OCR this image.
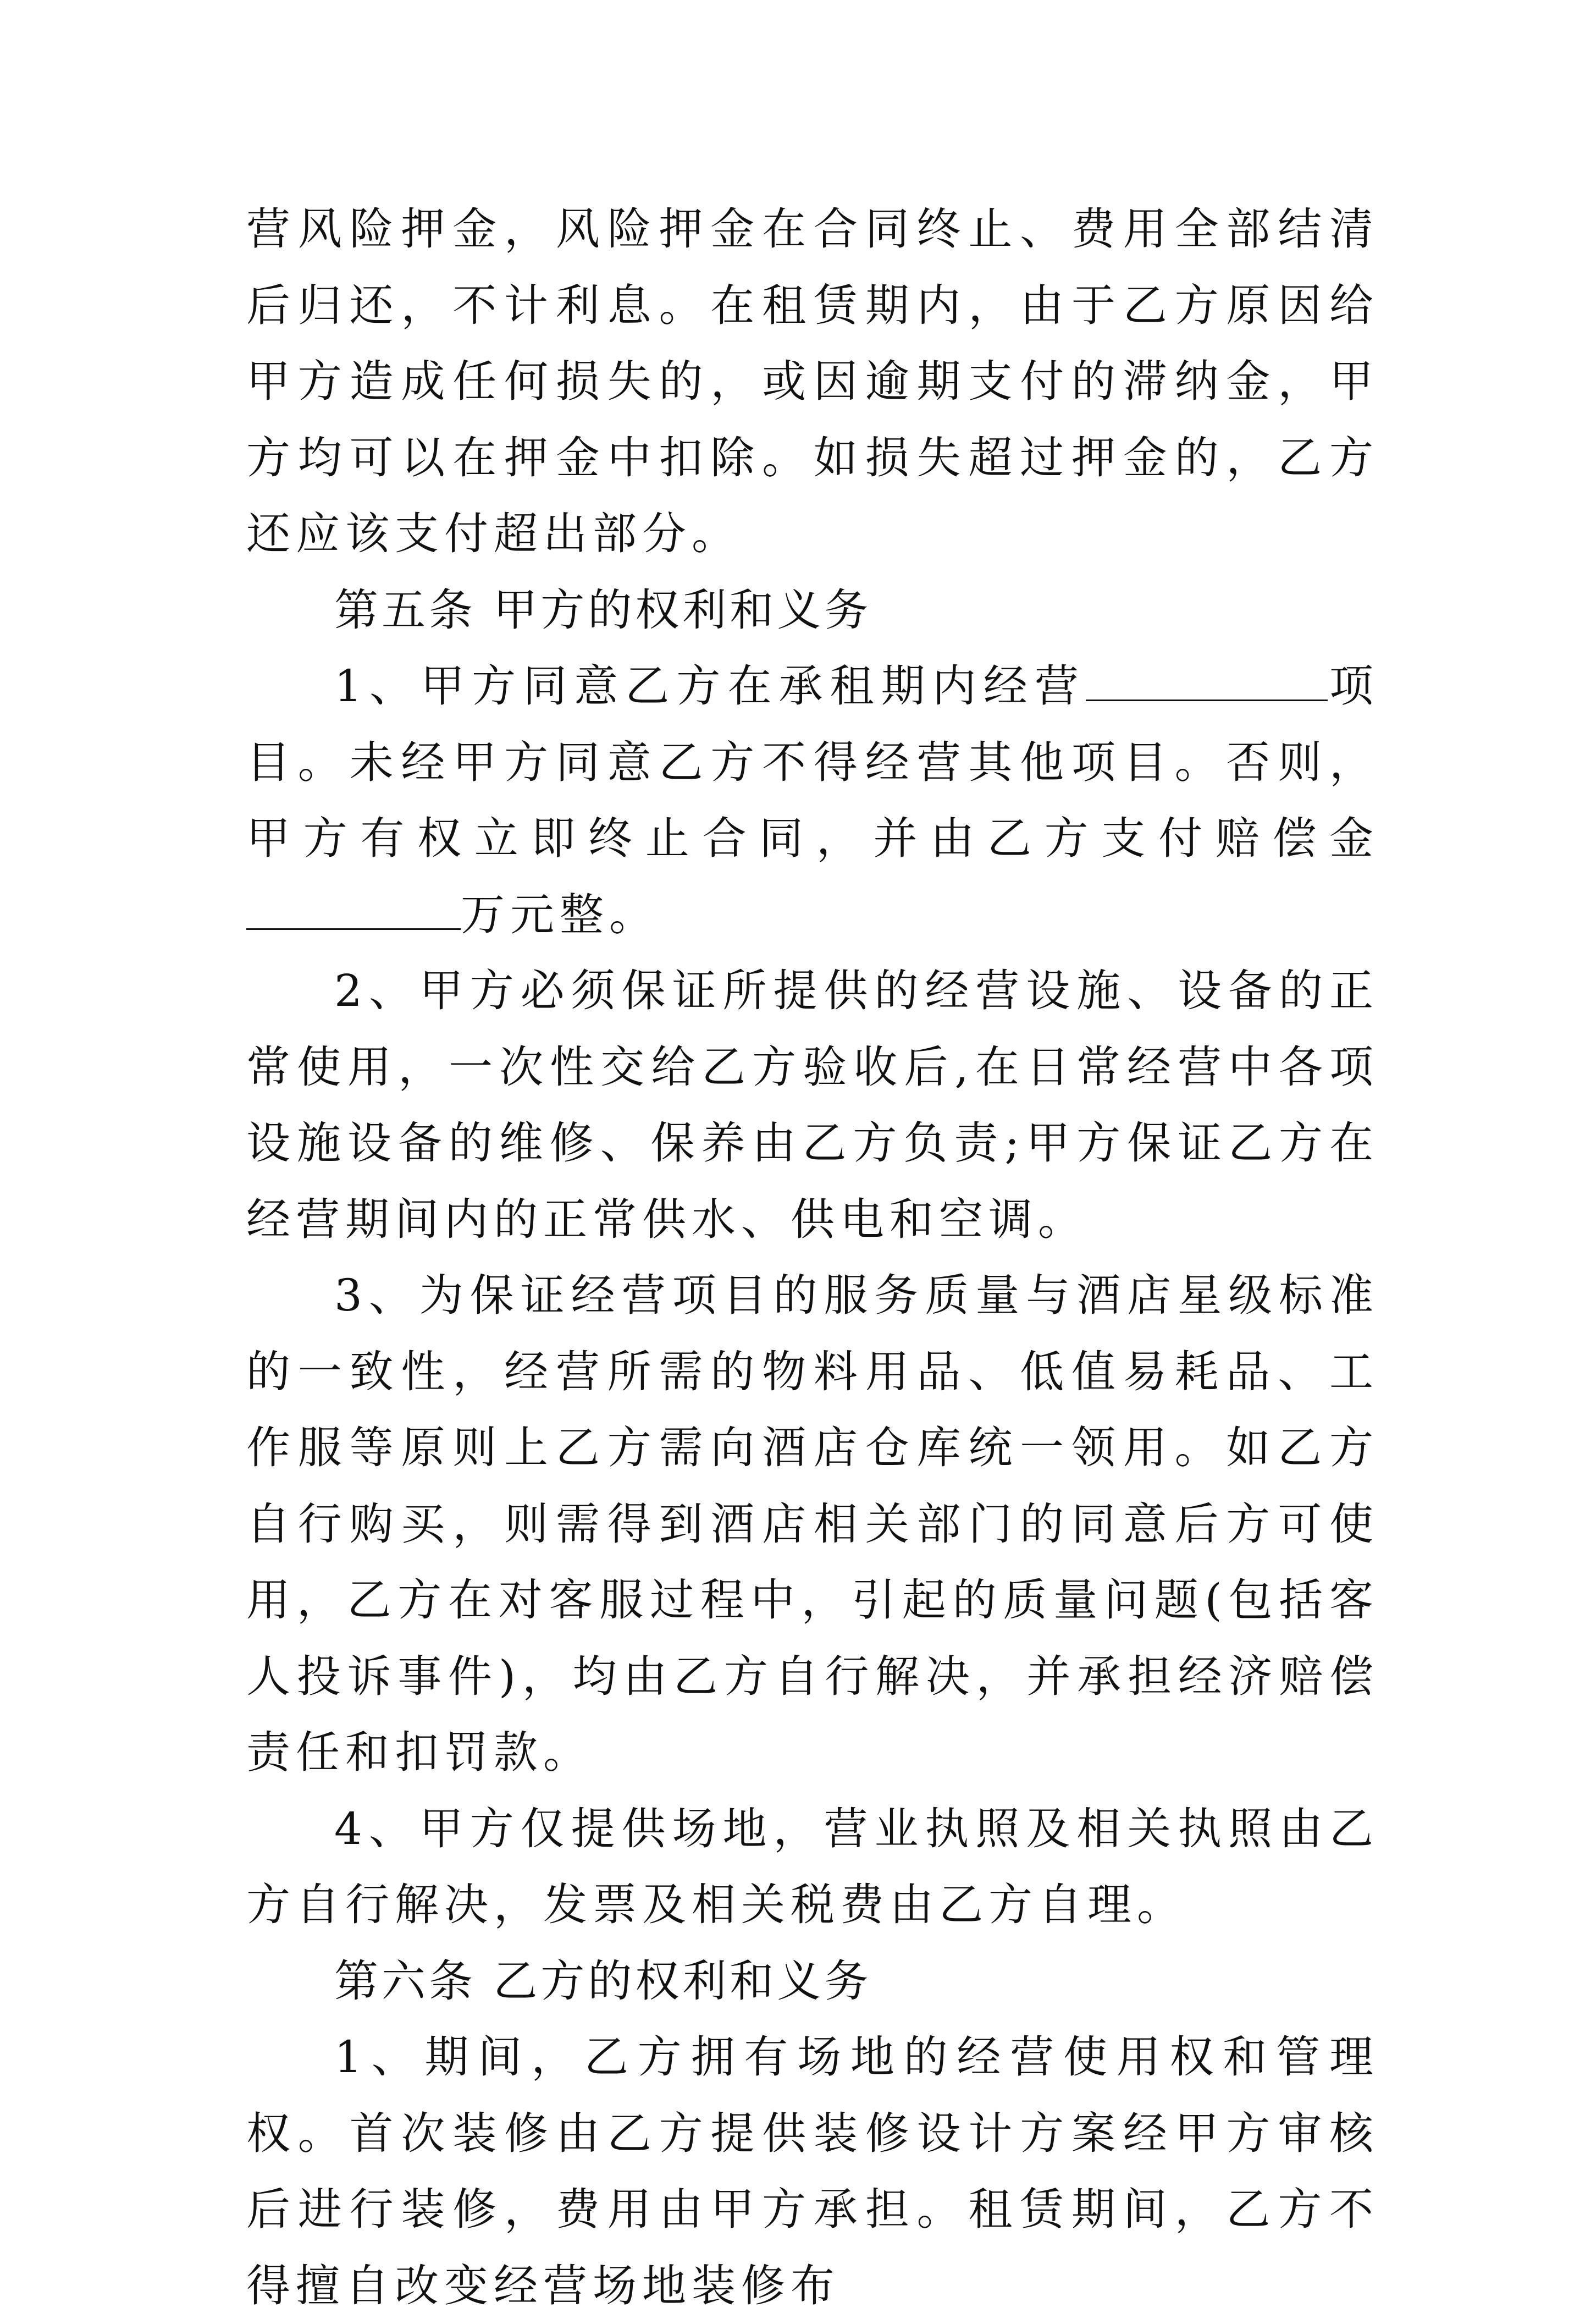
营风险押金，风险押金在合同终止、费用全部结清后归还，不计利息。在租赁期内，由于乙方原因给甲方造成任何损失的，或因逾期支付的滞纳金，甲方均可以在押金中扣除。如损失超过押金的，乙方还应该支付超出部分。

第五条 甲方的权利和义务

1、甲方同意乙方在承租期内经营	项目。未经甲方同意乙方不得经营其他项目。否则，甲方有权立即终止合同，并由乙方支付赔偿金万元整。

2、甲方必须保证所提供的经营设施、设备的正常使用，一次性交给乙方验收后,在日常经营中各项设施设备的维修、保养由乙方负责;甲方保证乙方在经营期间内的正常供水、供电和空调。

3、为保证经营项目的服务质量与酒店星级标准的一致性，经营所需的物料用品、低值易耗品、工作服等原则上乙方需向酒店仓库统一领用。如乙方自行购买，则需得到酒店相关部门的同意后方可使用，乙方在对客服过程中，引起的质量问题(包括客人投诉事件)，均由乙方自行解决，并承担经济赔偿责任和扣罚款。

4、甲方仅提供场地，营业执照及相关执照由乙方自行解决，发票及相关税费由乙方自理。

第六条 乙方的权利和义务

1、期间，乙方拥有场地的经营使用权和管理权。首次装修由乙方提供装修设计方案经甲方审核后进行装修，费用由甲方承担。租赁期间，乙方不得擅自改变经营场地装修布
